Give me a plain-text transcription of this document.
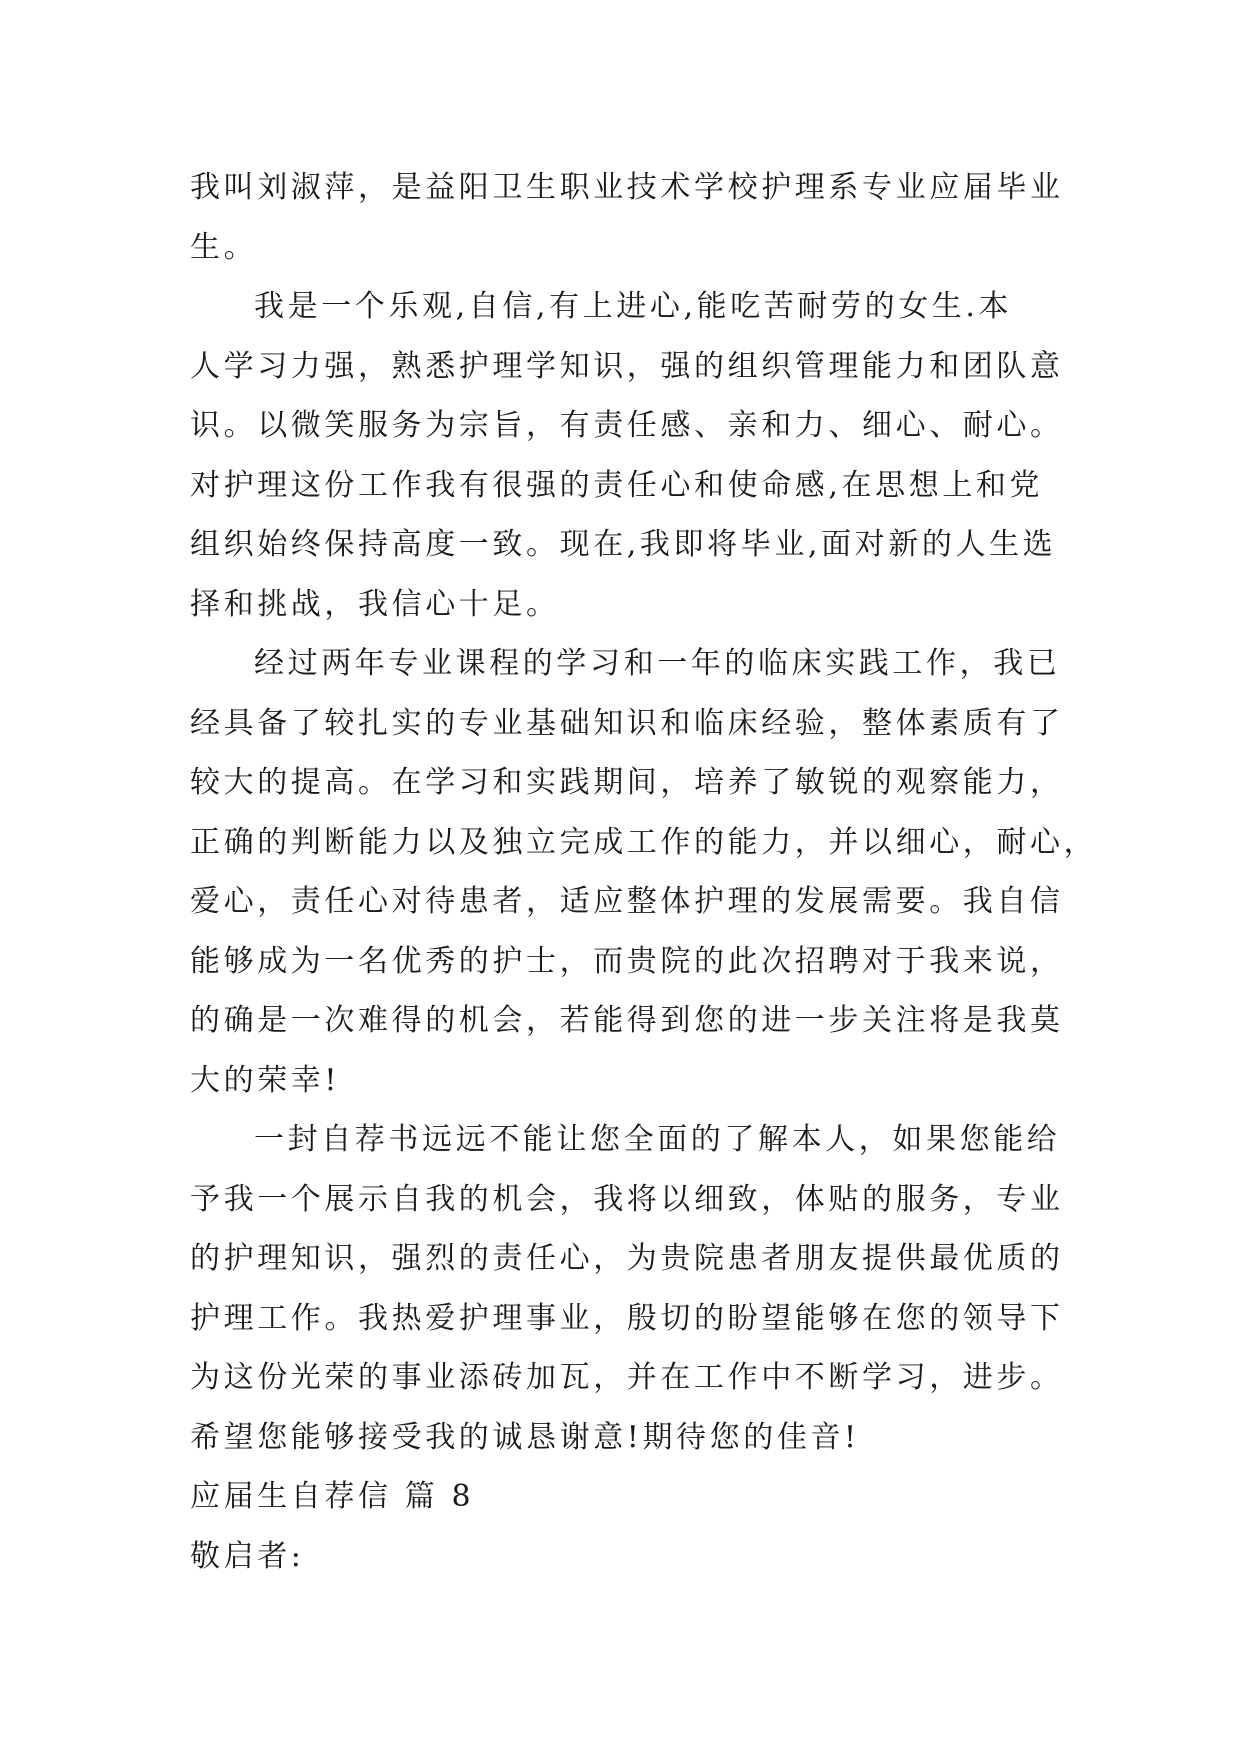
我叫刘淑萍，是益阳卫生职业技术学校护理系专业应届毕业
生。
我是一个乐观,自信,有上进心,能吃苦耐劳的女生.本
人学习力强，熟悉护理学知识，强的组织管理能力和团队意
识。以微笑服务为宗旨，有责任感、亲和力、细心、耐心。
对护理这份工作我有很强的责任心和使命感,在思想上和党
组织始终保持高度一致。现在,我即将毕业,面对新的人生选
择和挑战，我信心十足。
经过两年专业课程的学习和一年的临床实践工作，我已
经具备了较扎实的专业基础知识和临床经验，整体素质有了
较大的提高。在学习和实践期间，培养了敏锐的观察能力，
正确的判断能力以及独立完成工作的能力，并以细心，耐心，
爱心，责任心对待患者，适应整体护理的发展需要。我自信
能够成为一名优秀的护士，而贵院的此次招聘对于我来说，
的确是一次难得的机会，若能得到您的进一步关注将是我莫
大的荣幸!
一封自荐书远远不能让您全面的了解本人，如果您能给
予我一个展示自我的机会，我将以细致，体贴的服务，专业
的护理知识，强烈的责任心，为贵院患者朋友提供最优质的
护理工作。我热爱护理事业，殷切的盼望能够在您的领导下
为这份光荣的事业添砖加瓦，并在工作中不断学习，进步。
希望您能够接受我的诚恳谢意!期待您的佳音!
应届生自荐信 篇 8
敬启者:
